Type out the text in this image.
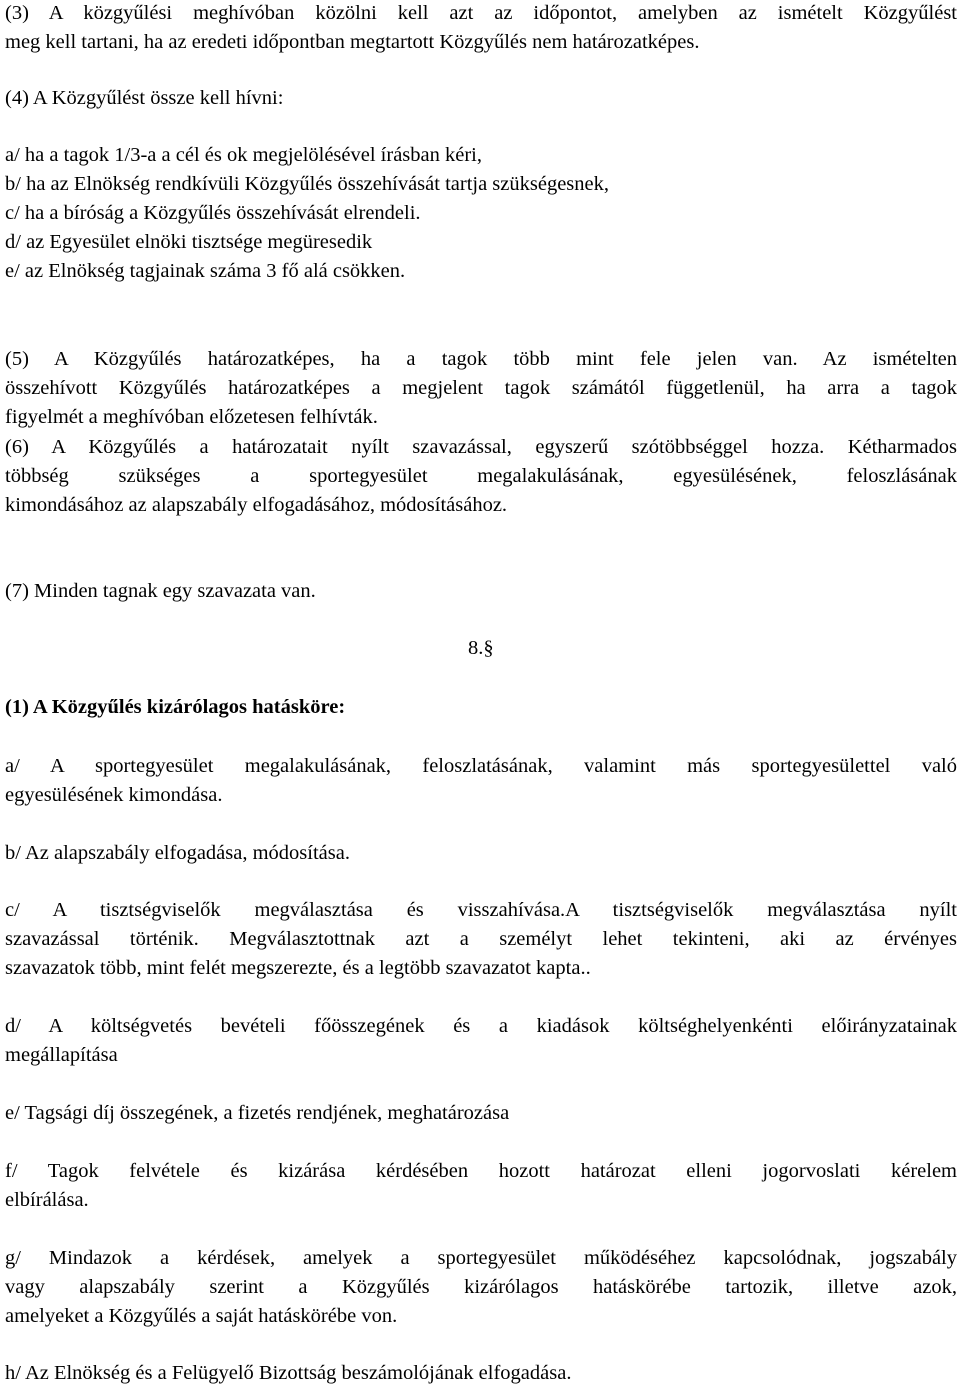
(3) A közgyűlési meghívóban közölni kell azt az időpontot, amelyben az ismételt Közgyűlést
meg kell tartani, ha az eredeti időpontban megtartott Közgyűlés nem határozatképes.
(4) A Közgyűlést össze kell hívni:
a/ ha a tagok 1/3-a a cél és ok megjelölésével írásban kéri,
b/ ha az Elnökség rendkívüli Közgyűlés összehívását tartja szükségesnek,
c/ ha a bíróság a Közgyűlés összehívását elrendeli.
d/ az Egyesület elnöki tisztsége megüresedik
e/ az Elnökség tagjainak száma 3 fő alá csökken.
(5) A Közgyűlés határozatképes, ha a tagok több mint fele jelen van. Az ismételten
összehívott Közgyűlés határozatképes a megjelent tagok számától függetlenül, ha arra a tagok
figyelmét a meghívóban előzetesen felhívták.
(6) A Közgyűlés a határozatait nyílt szavazással, egyszerű szótöbbséggel hozza. Kétharmados
többség szükséges a sportegyesület megalakulásának, egyesülésének, feloszlásának
kimondásához az alapszabály elfogadásához, módosításához.
(7) Minden tagnak egy szavazata van.

8.§

(1) A Közgyűlés kizárólagos hatásköre:

a/ A sportegyesület megalakulásának, feloszlatásának, valamint más sportegyesülettel való
egyesülésének kimondása.
b/ Az alapszabály elfogadása, módosítása.
c/ A tisztségviselők megválasztása és visszahívása.A tisztségviselők megválasztása nyílt
szavazással történik. Megválasztottnak azt a személyt lehet tekinteni, aki az érvényes
szavazatok több, mint felét megszerezte, és a legtöbb szavazatot kapta..
d/ A költségvetés bevételi főösszegének és a kiadások költséghelyenkénti előirányzatainak
megállapítása
e/ Tagsági díj összegének, a fizetés rendjének, meghatározása
f/ Tagok felvétele és kizárása kérdésében hozott határozat elleni jogorvoslati kérelem
elbírálása.
g/ Mindazok a kérdések, amelyek a sportegyesület működéséhez kapcsolódnak, jogszabály
vagy alapszabály szerint a Közgyűlés kizárólagos hatáskörébe tartozik, illetve azok,
amelyeket a Közgyűlés a saját hatáskörébe von.
h/ Az Elnökség és a Felügyelő Bizottság beszámolójának elfogadása.
